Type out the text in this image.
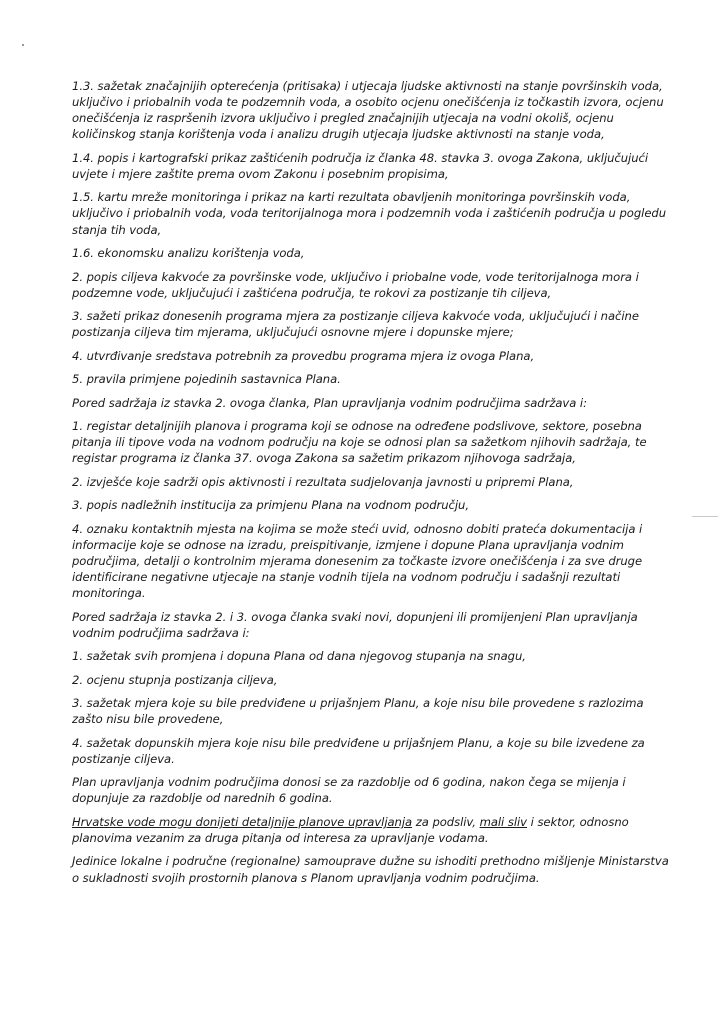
1.3. sažetak značajnijih opterećenja (pritisaka) i utjecaja ljudske aktivnosti na stanje površinskih voda, uključivo i priobalnih voda te podzemnih voda, a osobito ocjenu onečišćenja iz točkastih izvora, ocjenu onečišćenja iz raspršenih izvora uključivo i pregled značajnijih utjecaja na vodni okoliš, ocjenu količinskog stanja korištenja voda i analizu drugih utjecaja ljudske aktivnosti na stanje voda,

1.4. popis i kartografski prikaz zaštićenih područja iz članka 48. stavka 3. ovoga Zakona, uključujući uvjete i mjere zaštite prema ovom Zakonu i posebnim propisima,

1.5. kartu mreže monitoringa i prikaz na karti rezultata obavljenih monitoringa površinskih voda, uključivo i priobalnih voda, voda teritorijalnoga mora i podzemnih voda i zaštićenih područja u pogledu stanja tih voda,

1.6. ekonomsku analizu korištenja voda,

2. popis ciljeva kakvoće za površinske vode, uključivo i priobalne vode, vode teritorijalnoga mora i podzemne vode, uključujući i zaštićena područja, te rokovi za postizanje tih ciljeva,

3. sažeti prikaz donesenih programa mjera za postizanje ciljeva kakvoće voda, uključujući i načine postizanja ciljeva tim mjerama, uključujući osnovne mjere i dopunske mjere;

4. utvrđivanje sredstava potrebnih za provedbu programa mjera iz ovoga Plana,

5. pravila primjene pojedinih sastavnica Plana.

Pored sadržaja iz stavka 2. ovoga članka, Plan upravljanja vodnim područjima sadržava i:

1. registar detaljnijih planova i programa koji se odnose na određene podslivove, sektore, posebna pitanja ili tipove voda na vodnom području na koje se odnosi plan sa sažetkom njihovih sadržaja, te registar programa iz članka 37. ovoga Zakona sa sažetim prikazom njihovoga sadržaja,

2. izvješće koje sadrži opis aktivnosti i rezultata sudjelovanja javnosti u pripremi Plana,

3. popis nadležnih institucija za primjenu Plana na vodnom području,

4. oznaku kontaktnih mjesta na kojima se može steći uvid, odnosno dobiti prateća dokumentacija i informacije koje se odnose na izradu, preispitivanje, izmjene i dopune Plana upravljanja vodnim područjima, detalji o kontrolnim mjerama donesenim za točkaste izvore onečišćenja i za sve druge identificirane negativne utjecaje na stanje vodnih tijela na vodnom području i sadašnji rezultati monitoringa.

Pored sadržaja iz stavka 2. i 3. ovoga članka svaki novi, dopunjeni ili promijenjeni Plan upravljanja vodnim područjima sadržava i:

1. sažetak svih promjena i dopuna Plana od dana njegovog stupanja na snagu,

2. ocjenu stupnja postizanja ciljeva,

3. sažetak mjera koje su bile predviđene u prijašnjem Planu, a koje nisu bile provedene s razlozima zašto nisu bile provedene,

4. sažetak dopunskih mjera koje nisu bile predviđene u prijašnjem Planu, a koje su bile izvedene za postizanje ciljeva.

Plan upravljanja vodnim područjima donosi se za razdoblje od 6 godina, nakon čega se mijenja i dopunjuje za razdoblje od narednih 6 godina.

Hrvatske vode mogu donijeti detaljnije planove upravljanja za podsliv, mali sliv i sektor, odnosno planovima vezanim za druga pitanja od interesa za upravljanje vodama.

Jedinice lokalne i područne (regionalne) samouprave dužne su ishoditi prethodno mišljenje Ministarstva o sukladnosti svojih prostornih planova s Planom upravljanja vodnim područjima.
